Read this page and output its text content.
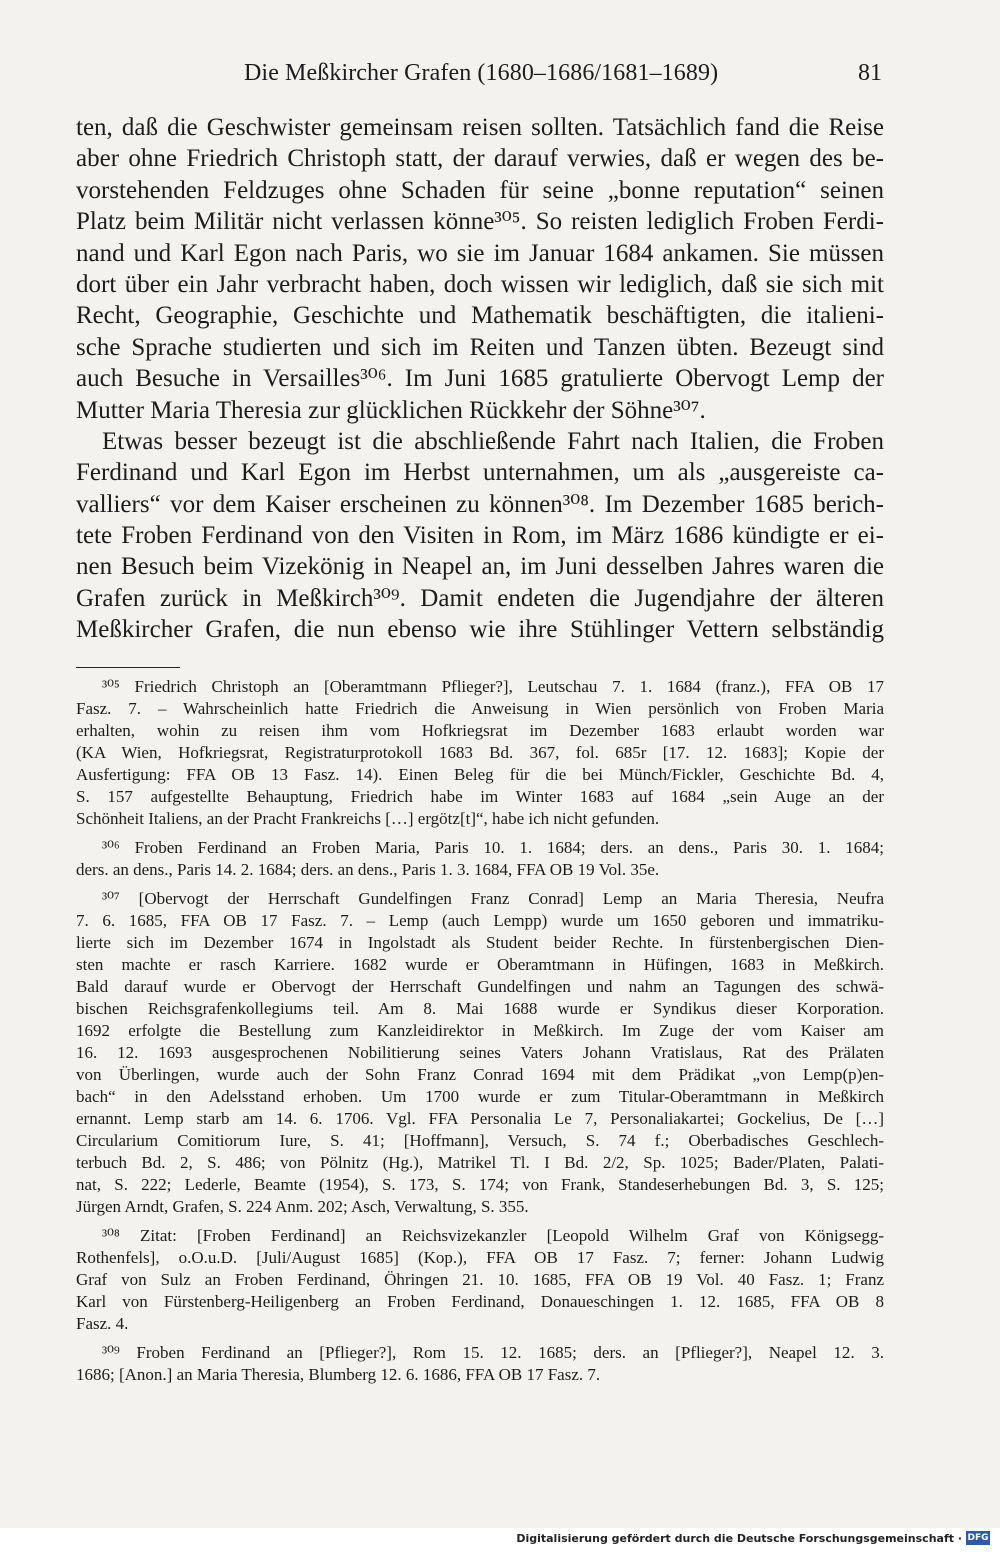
Die Meßkircher Grafen (1680–1686/1681–1689)	81
ten, daß die Geschwister gemeinsam reisen sollten. Tatsächlich fand die Reise
aber ohne Friedrich Christoph statt, der darauf verwies, daß er wegen des be-
vorstehenden Feldzuges ohne Schaden für seine „bonne reputation“ seinen
Platz beim Militär nicht verlassen könne³⁰⁵. So reisten lediglich Froben Ferdi-
nand und Karl Egon nach Paris, wo sie im Januar 1684 ankamen. Sie müssen
dort über ein Jahr verbracht haben, doch wissen wir lediglich, daß sie sich mit
Recht, Geographie, Geschichte und Mathematik beschäftigten, die italieni-
sche Sprache studierten und sich im Reiten und Tanzen übten. Bezeugt sind
auch Besuche in Versailles³⁰⁶. Im Juni 1685 gratulierte Obervogt Lemp der
Mutter Maria Theresia zur glücklichen Rückkehr der Söhne³⁰⁷.
Etwas besser bezeugt ist die abschließende Fahrt nach Italien, die Froben
Ferdinand und Karl Egon im Herbst unternahmen, um als „ausgereiste ca-
valliers“ vor dem Kaiser erscheinen zu können³⁰⁸. Im Dezember 1685 berich-
tete Froben Ferdinand von den Visiten in Rom, im März 1686 kündigte er ei-
nen Besuch beim Vizekönig in Neapel an, im Juni desselben Jahres waren die
Grafen zurück in Meßkirch³⁰⁹. Damit endeten die Jugendjahre der älteren
Meßkircher Grafen, die nun ebenso wie ihre Stühlinger Vettern selbständig
³⁰⁵ Friedrich Christoph an [Oberamtmann Pflieger?], Leutschau 7. 1. 1684 (franz.), FFA OB 17
Fasz. 7. – Wahrscheinlich hatte Friedrich die Anweisung in Wien persönlich von Froben Maria
erhalten, wohin zu reisen ihm vom Hofkriegsrat im Dezember 1683 erlaubt worden war
(KA Wien, Hofkriegsrat, Registraturprotokoll 1683 Bd. 367, fol. 685r [17. 12. 1683]; Kopie der
Ausfertigung: FFA OB 13 Fasz. 14). Einen Beleg für die bei Münch/Fickler, Geschichte Bd. 4,
S. 157 aufgestellte Behauptung, Friedrich habe im Winter 1683 auf 1684 „sein Auge an der
Schönheit Italiens, an der Pracht Frankreichs […] ergötz[t]“, habe ich nicht gefunden.
³⁰⁶ Froben Ferdinand an Froben Maria, Paris 10. 1. 1684; ders. an dens., Paris 30. 1. 1684;
ders. an dens., Paris 14. 2. 1684; ders. an dens., Paris 1. 3. 1684, FFA OB 19 Vol. 35e.
³⁰⁷ [Obervogt der Herrschaft Gundelfingen Franz Conrad] Lemp an Maria Theresia, Neufra
7. 6. 1685, FFA OB 17 Fasz. 7. – Lemp (auch Lempp) wurde um 1650 geboren und immatriku-
lierte sich im Dezember 1674 in Ingolstadt als Student beider Rechte. In fürstenbergischen Dien-
sten machte er rasch Karriere. 1682 wurde er Oberamtmann in Hüfingen, 1683 in Meßkirch.
Bald darauf wurde er Obervogt der Herrschaft Gundelfingen und nahm an Tagungen des schwä-
bischen Reichsgrafenkollegiums teil. Am 8. Mai 1688 wurde er Syndikus dieser Korporation.
1692 erfolgte die Bestellung zum Kanzleidirektor in Meßkirch. Im Zuge der vom Kaiser am
16. 12. 1693 ausgesprochenen Nobilitierung seines Vaters Johann Vratislaus, Rat des Prälaten
von Überlingen, wurde auch der Sohn Franz Conrad 1694 mit dem Prädikat „von Lemp(p)en-
bach“ in den Adelsstand erhoben. Um 1700 wurde er zum Titular-Oberamtmann in Meßkirch
ernannt. Lemp starb am 14. 6. 1706. Vgl. FFA Personalia Le 7, Personaliakartei; Gockelius, De […]
Circularium Comitiorum Iure, S. 41; [Hoffmann], Versuch, S. 74 f.; Oberbadisches Geschlech-
terbuch Bd. 2, S. 486; von Pölnitz (Hg.), Matrikel Tl. I Bd. 2/2, Sp. 1025; Bader/Platen, Palati-
nat, S. 222; Lederle, Beamte (1954), S. 173, S. 174; von Frank, Standeserhebungen Bd. 3, S. 125;
Jürgen Arndt, Grafen, S. 224 Anm. 202; Asch, Verwaltung, S. 355.
³⁰⁸ Zitat: [Froben Ferdinand] an Reichsvizekanzler [Leopold Wilhelm Graf von Königsegg-
Rothenfels], o.O.u.D. [Juli/August 1685] (Kop.), FFA OB 17 Fasz. 7; ferner: Johann Ludwig
Graf von Sulz an Froben Ferdinand, Öhringen 21. 10. 1685, FFA OB 19 Vol. 40 Fasz. 1; Franz
Karl von Fürstenberg-Heiligenberg an Froben Ferdinand, Donaueschingen 1. 12. 1685, FFA OB 8
Fasz. 4.
³⁰⁹ Froben Ferdinand an [Pflieger?], Rom 15. 12. 1685; ders. an [Pflieger?], Neapel 12. 3.
1686; [Anon.] an Maria Theresia, Blumberg 12. 6. 1686, FFA OB 17 Fasz. 7.
Digitalisierung gefördert durch die Deutsche Forschungsgemeinschaft · DFG
